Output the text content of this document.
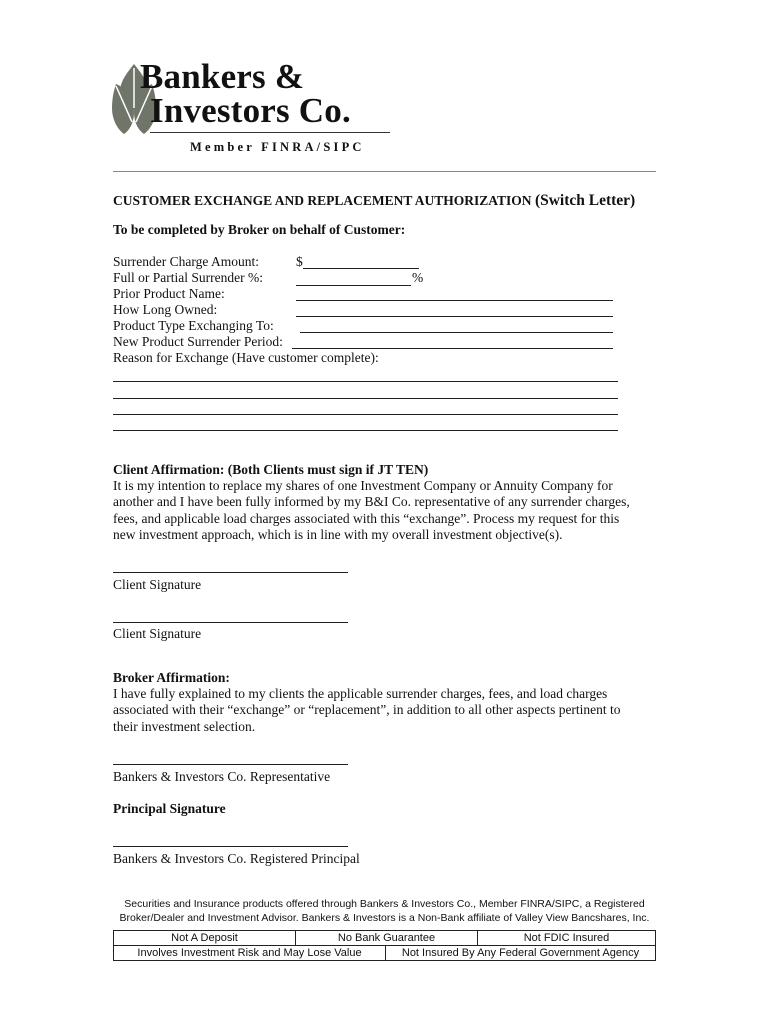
Bankers &
Investors Co.
Member FINRA/SIPC
CUSTOMER EXCHANGE AND REPLACEMENT AUTHORIZATION (Switch Letter)
To be completed by Broker on behalf of Customer:
Surrender Charge Amount:	$
Full or Partial Surrender %:	%
Prior Product Name:
How Long Owned:
Product Type Exchanging To:
New Product Surrender Period:
Reason for Exchange (Have customer complete):
Client Affirmation: (Both Clients must sign if JT TEN)
It is my intention to replace my shares of one Investment Company or Annuity Company for another and I have been fully informed by my B&I Co. representative of any surrender charges, fees, and applicable load charges associated with this “exchange”. Process my request for this new investment approach, which is in line with my overall investment objective(s).
Client Signature
Client Signature
Broker Affirmation:
I have fully explained to my clients the applicable surrender charges, fees, and load charges associated with their “exchange” or “replacement”, in addition to all other aspects pertinent to their investment selection.
Bankers & Investors Co. Representative
Principal Signature
Bankers & Investors Co. Registered Principal
Securities and Insurance products offered through Bankers & Investors Co., Member FINRA/SIPC, a Registered Broker/Dealer and Investment Advisor. Bankers & Investors is a Non-Bank affiliate of Valley View Bancshares, Inc.
Not A Deposit	No Bank Guarantee	Not FDIC Insured
Involves Investment Risk and May Lose Value	Not Insured By Any Federal Government Agency
